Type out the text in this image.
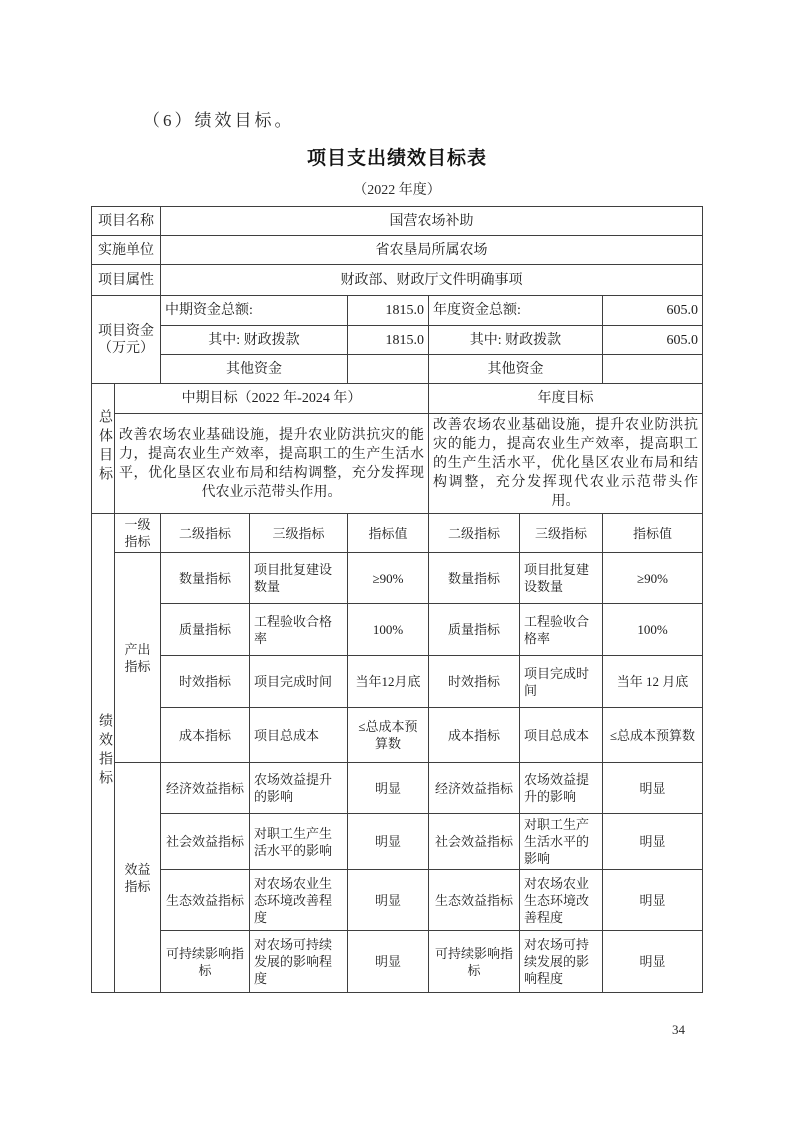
（6）绩效目标。
项目支出绩效目标表
（2022 年度）
项目名称		国营农场补助					
实施单位		省农垦局所属农场					
项目属性		财政部、财政厅文件明确事项					
项目资金（万元）		中期资金总额:		1815.0	年度资金总额:		605.0
		其中: 财政拨款		1815.0	其中: 财政拨款		605.0
		其他资金			其他资金		
总体目标	中期目标（2022 年-2024 年）				年度目标		
	改善农场农业基础设施，提升农业防洪抗灾的能力，提高农业生产效率，提高职工的生产生活水平，优化垦区农业布局和结构调整，充分发挥现代农业示范带头作用。				改善农场农业基础设施，提升农业防洪抗灾的能力，提高农业生产效率，提高职工的生产生活水平，优化垦区农业布局和结构调整，充分发挥现代农业示范带头作用。		
绩效指标	一级指标	二级指标	三级指标	指标值	二级指标	三级指标	指标值
	产出指标	数量指标	项目批复建设数量	≥90%	数量指标	项目批复建设数量	≥90%
		质量指标	工程验收合格率	100%	质量指标	工程验收合格率	100%
		时效指标	项目完成时间	当年12月底	时效指标	项目完成时间	当年 12 月底
		成本指标	项目总成本	≤总成本预算数	成本指标	项目总成本	≤总成本预算数
	效益指标	经济效益指标	农场效益提升的影响	明显	经济效益指标	农场效益提升的影响	明显
		社会效益指标	对职工生产生活水平的影响	明显	社会效益指标	对职工生产生活水平的影响	明显
		生态效益指标	对农场农业生态环境改善程度	明显	生态效益指标	对农场农业生态环境改善程度	明显
		可持续影响指标	对农场可持续发展的影响程度	明显	可持续影响指标	对农场可持续发展的影响程度	明显
34
